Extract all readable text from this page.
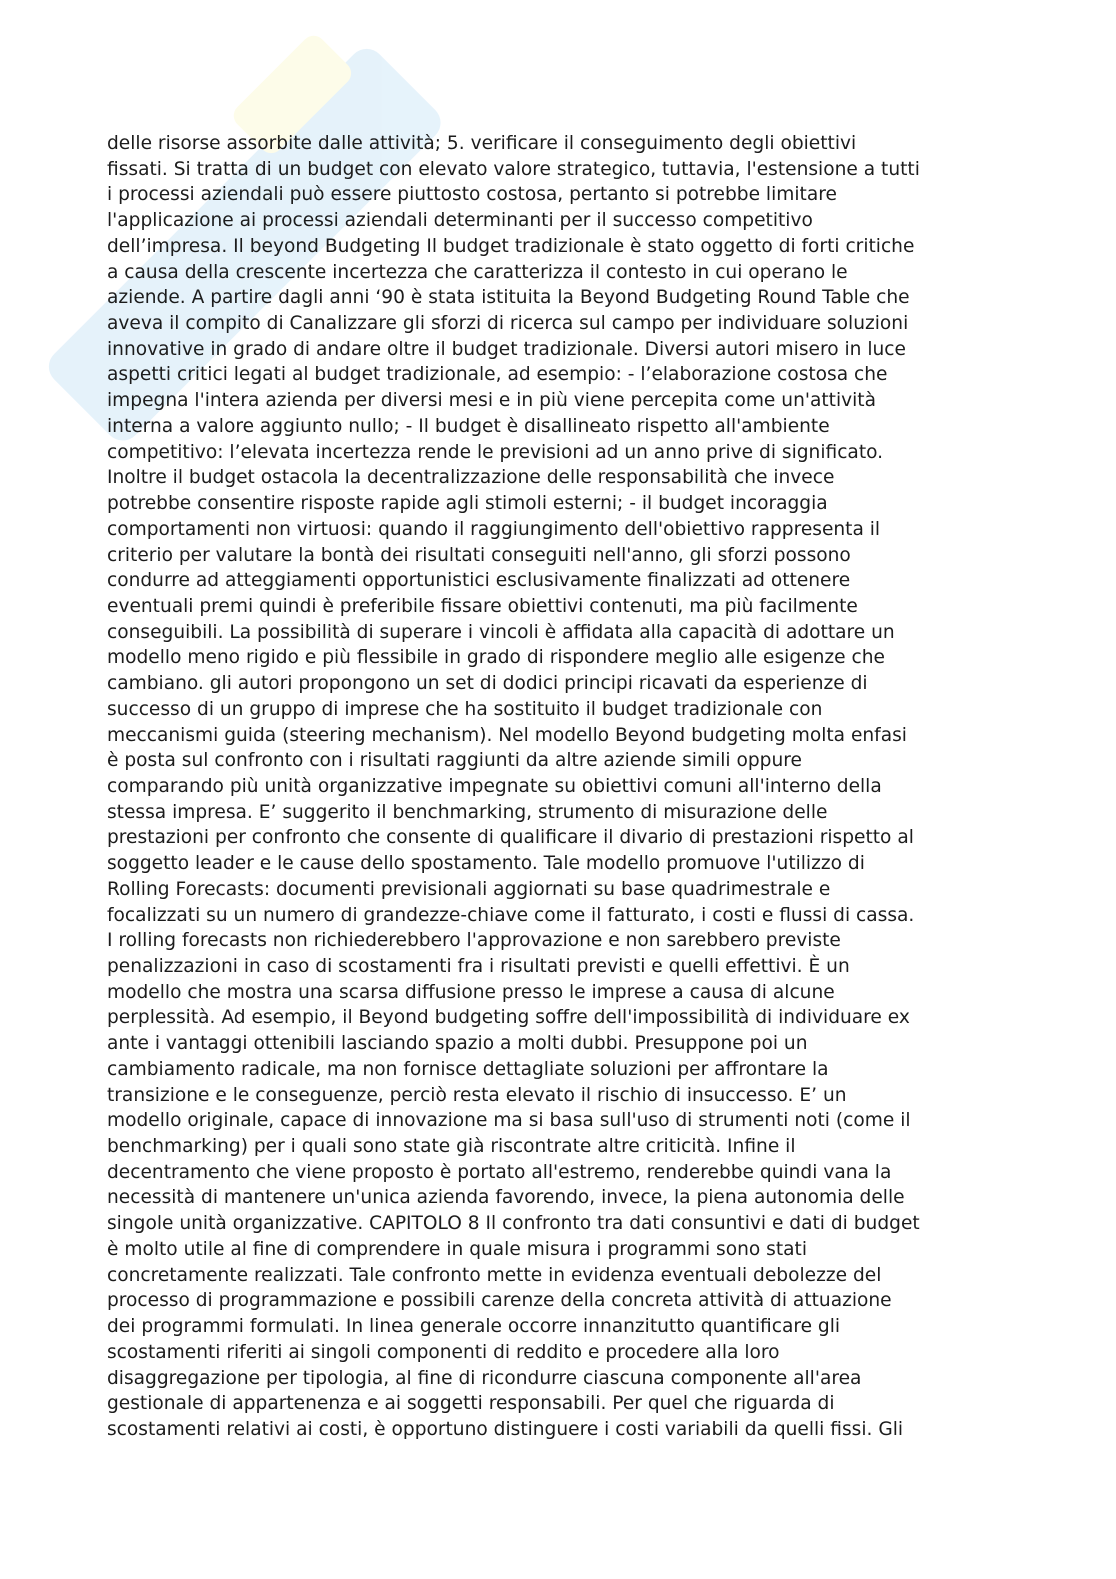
delle risorse assorbite dalle attività; 5. verificare il conseguimento degli obiettivi
fissati. Si tratta di un budget con elevato valore strategico, tuttavia, l'estensione a tutti
i processi aziendali può essere piuttosto costosa, pertanto si potrebbe limitare
l'applicazione ai processi aziendali determinanti per il successo competitivo
dell’impresa. Il beyond Budgeting Il budget tradizionale è stato oggetto di forti critiche
a causa della crescente incertezza che caratterizza il contesto in cui operano le
aziende. A partire dagli anni ‘90 è stata istituita la Beyond Budgeting Round Table che
aveva il compito di Canalizzare gli sforzi di ricerca sul campo per individuare soluzioni
innovative in grado di andare oltre il budget tradizionale. Diversi autori misero in luce
aspetti critici legati al budget tradizionale, ad esempio: - l’elaborazione costosa che
impegna l'intera azienda per diversi mesi e in più viene percepita come un'attività
interna a valore aggiunto nullo; - Il budget è disallineato rispetto all'ambiente
competitivo: l’elevata incertezza rende le previsioni ad un anno prive di significato.
Inoltre il budget ostacola la decentralizzazione delle responsabilità che invece
potrebbe consentire risposte rapide agli stimoli esterni; - il budget incoraggia
comportamenti non virtuosi: quando il raggiungimento dell'obiettivo rappresenta il
criterio per valutare la bontà dei risultati conseguiti nell'anno, gli sforzi possono
condurre ad atteggiamenti opportunistici esclusivamente finalizzati ad ottenere
eventuali premi quindi è preferibile fissare obiettivi contenuti, ma più facilmente
conseguibili. La possibilità di superare i vincoli è affidata alla capacità di adottare un
modello meno rigido e più flessibile in grado di rispondere meglio alle esigenze che
cambiano. gli autori propongono un set di dodici principi ricavati da esperienze di
successo di un gruppo di imprese che ha sostituito il budget tradizionale con
meccanismi guida (steering mechanism). Nel modello Beyond budgeting molta enfasi
è posta sul confronto con i risultati raggiunti da altre aziende simili oppure
comparando più unità organizzative impegnate su obiettivi comuni all'interno della
stessa impresa. E’ suggerito il benchmarking, strumento di misurazione delle
prestazioni per confronto che consente di qualificare il divario di prestazioni rispetto al
soggetto leader e le cause dello spostamento. Tale modello promuove l'utilizzo di
Rolling Forecasts: documenti previsionali aggiornati su base quadrimestrale e
focalizzati su un numero di grandezze-chiave come il fatturato, i costi e flussi di cassa.
I rolling forecasts non richiederebbero l'approvazione e non sarebbero previste
penalizzazioni in caso di scostamenti fra i risultati previsti e quelli effettivi. È un
modello che mostra una scarsa diffusione presso le imprese a causa di alcune
perplessità. Ad esempio, il Beyond budgeting soffre dell'impossibilità di individuare ex
ante i vantaggi ottenibili lasciando spazio a molti dubbi. Presuppone poi un
cambiamento radicale, ma non fornisce dettagliate soluzioni per affrontare la
transizione e le conseguenze, perciò resta elevato il rischio di insuccesso. E’ un
modello originale, capace di innovazione ma si basa sull'uso di strumenti noti (come il
benchmarking) per i quali sono state già riscontrate altre criticità. Infine il
decentramento che viene proposto è portato all'estremo, renderebbe quindi vana la
necessità di mantenere un'unica azienda favorendo, invece, la piena autonomia delle
singole unità organizzative. CAPITOLO 8 Il confronto tra dati consuntivi e dati di budget
è molto utile al fine di comprendere in quale misura i programmi sono stati
concretamente realizzati. Tale confronto mette in evidenza eventuali debolezze del
processo di programmazione e possibili carenze della concreta attività di attuazione
dei programmi formulati. In linea generale occorre innanzitutto quantificare gli
scostamenti riferiti ai singoli componenti di reddito e procedere alla loro
disaggregazione per tipologia, al fine di ricondurre ciascuna componente all'area
gestionale di appartenenza e ai soggetti responsabili. Per quel che riguarda di
scostamenti relativi ai costi, è opportuno distinguere i costi variabili da quelli fissi. Gli
